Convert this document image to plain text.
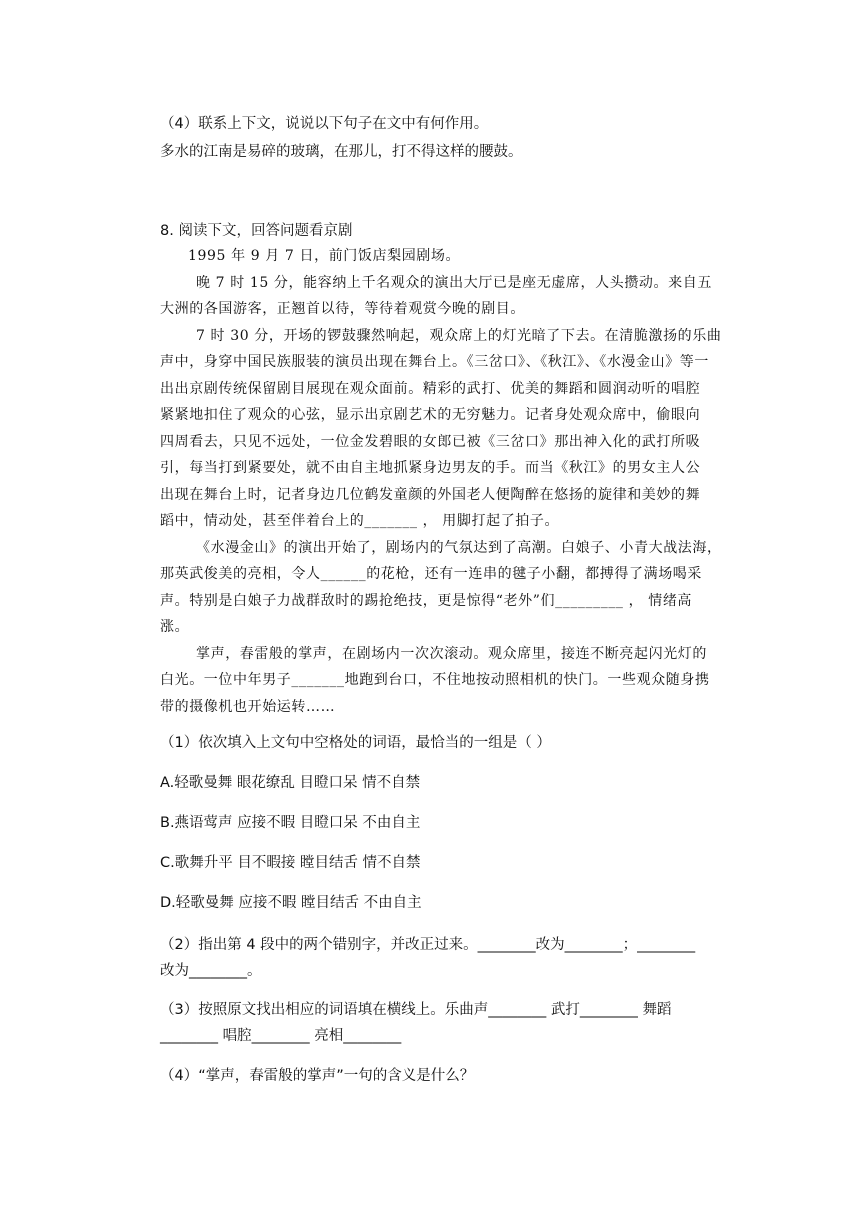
（4）联系上下文，说说以下句子在文中有何作用。
多水的江南是易碎的玻璃，在那儿，打不得这样的腰鼓。
8. 阅读下文，回答问题看京剧
1995 年 9 月 7 日，前门饭店梨园剧场。
晚 7 时 15 分，能容纳上千名观众的演出大厅已是座无虚席，人头攒动。来自五
大洲的各国游客，正翘首以待，等待着观赏今晚的剧目。
7 时 30 分，开场的锣鼓骤然响起，观众席上的灯光暗了下去。在清脆激扬的乐曲
声中，身穿中国民族服装的演员出现在舞台上。《三岔口》、《秋江》、《水漫金山》等一
出出京剧传统保留剧目展现在观众面前。精彩的武打、优美的舞蹈和圆润动听的唱腔
紧紧地扣住了观众的心弦，显示出京剧艺术的无穷魅力。记者身处观众席中，偷眼向
四周看去，只见不远处，一位金发碧眼的女郎已被《三岔口》那出神入化的武打所吸
引，每当打到紧要处，就不由自主地抓紧身边男友的手。而当《秋江》的男女主人公
出现在舞台上时，记者身边几位鹤发童颜的外国老人便陶醉在悠扬的旋律和美妙的舞
蹈中，情动处，甚至伴着台上的_______ ， 用脚打起了拍子。
《水漫金山》的演出开始了，剧场内的气氛达到了高潮。白娘子、小青大战法海，
那英武俊美的亮相，令人______的花枪，还有一连串的毽子小翻，都搏得了满场喝采
声。特别是白娘子力战群敌时的踢抢绝技，更是惊得“老外”们_________ ， 情绪高
涨。
掌声，春雷般的掌声，在剧场内一次次滚动。观众席里，接连不断亮起闪光灯的
白光。一位中年男子_______地跑到台口，不住地按动照相机的快门。一些观众随身携
带的摄像机也开始运转……
（1）依次填入上文句中空格处的词语，最恰当的一组是（ ）
A.轻歌曼舞 眼花缭乱 目瞪口呆 情不自禁
B.燕语莺声 应接不暇 目瞪口呆 不由自主
C.歌舞升平 目不暇接 瞠目结舌 情不自禁
D.轻歌曼舞 应接不暇 瞠目结舌 不由自主
（2）指出第 4 段中的两个错别字，并改正过来。________改为________；________
改为________。
（3）按照原文找出相应的词语填在横线上。乐曲声________ 武打________ 舞蹈
________ 唱腔________ 亮相________
（4）“掌声，春雷般的掌声”一句的含义是什么？
